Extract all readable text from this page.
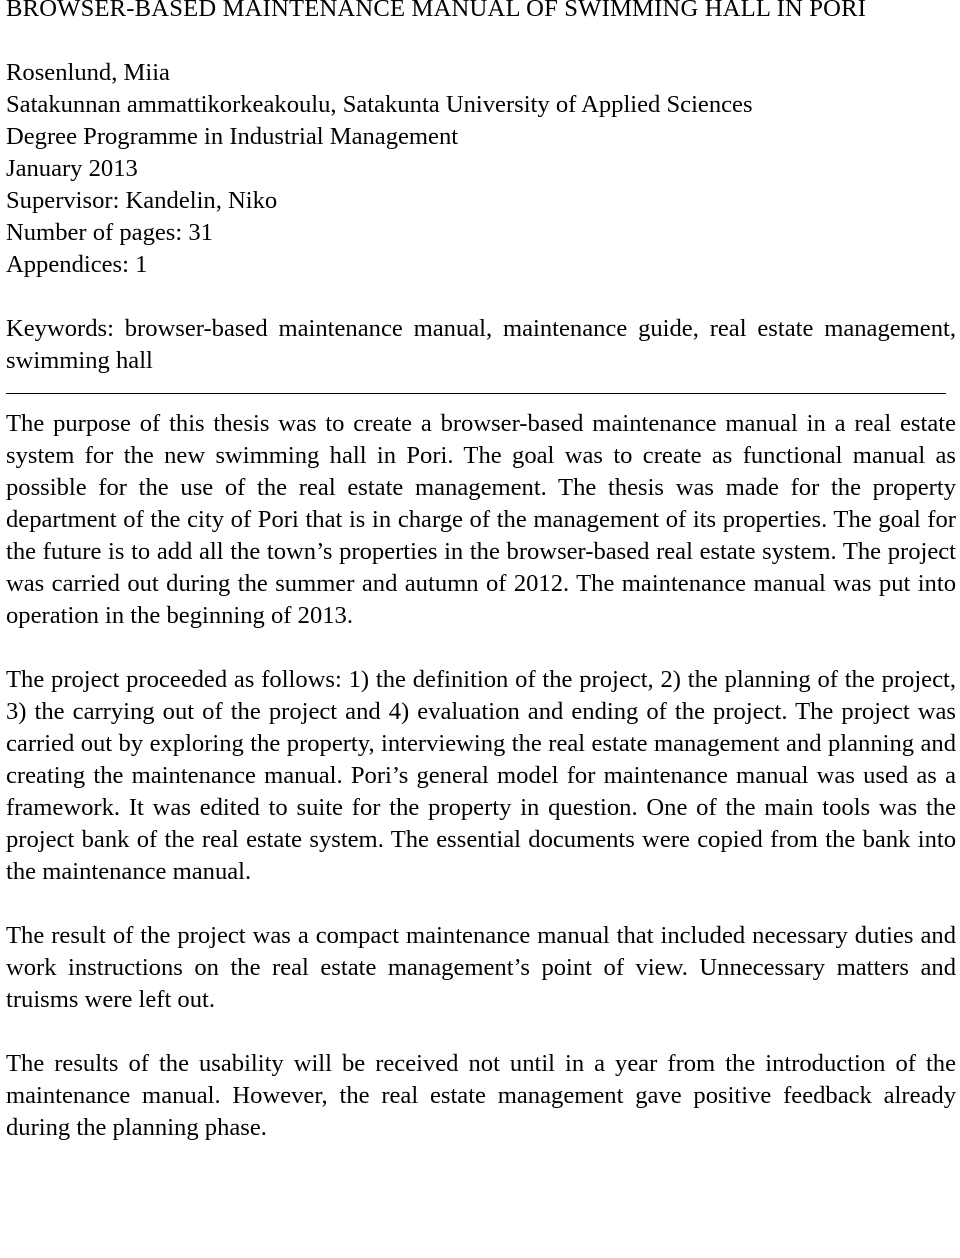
BROWSER-BASED MAINTENANCE MANUAL OF SWIMMING HALL IN PORI
Rosenlund, Miia
Satakunnan ammattikorkeakoulu, Satakunta University of Applied Sciences
Degree Programme in Industrial Management
January 2013
Supervisor: Kandelin, Niko
Number of pages: 31
Appendices: 1

Keywords: browser-based maintenance manual, maintenance guide, real estate management, swimming hall

The purpose of this thesis was to create a browser-based maintenance manual in a real estate system for the new swimming hall in Pori. The goal was to create as functional manual as possible for the use of the real estate management. The thesis was made for the property department of the city of Pori that is in charge of the management of its properties. The goal for the future is to add all the town’s properties in the browser-based real estate system. The project was carried out during the summer and autumn of 2012. The maintenance manual was put into operation in the beginning of 2013.

The project proceeded as follows: 1) the definition of the project, 2) the planning of the project, 3) the carrying out of the project and 4) evaluation and ending of the project. The project was carried out by exploring the property, interviewing the real estate management and planning and creating the maintenance manual. Pori’s general model for maintenance manual was used as a framework. It was edited to suite for the property in question. One of the main tools was the project bank of the real estate system. The essential documents were copied from the bank into the maintenance manual.

The result of the project was a compact maintenance manual that included necessary duties and work instructions on the real estate management’s point of view. Unnecessary matters and truisms were left out.

The results of the usability will be received not until in a year from the introduction of the maintenance manual. However, the real estate management gave positive feedback already during the planning phase.
